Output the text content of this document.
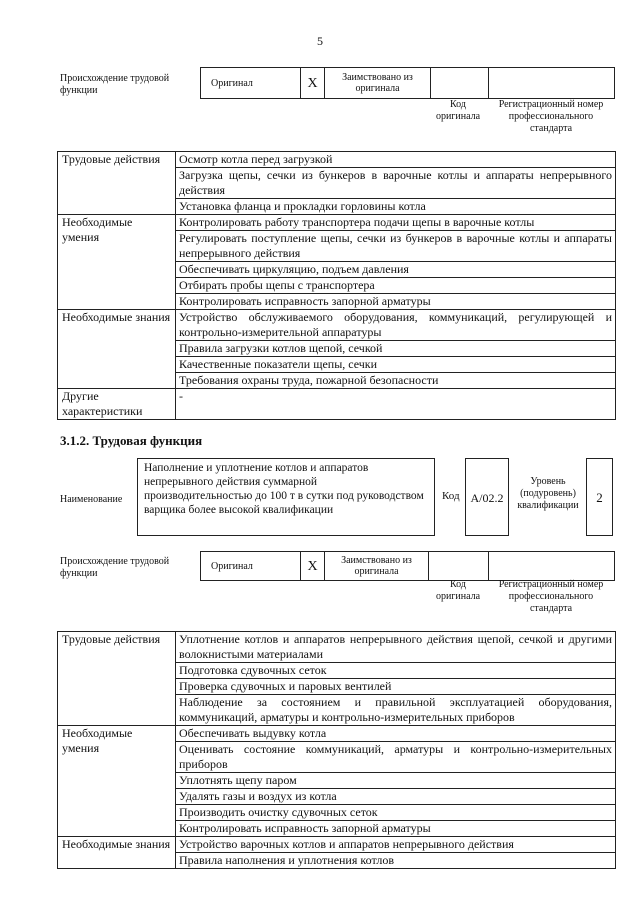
5
Происхождение трудовой функции
Оригинал	X	Заимствовано из оригинала		
Код оригинала
Регистрационный номер профессионального стандарта
Трудовые действия	Осмотр котла перед загрузкой
	Загрузка щепы, сечки из бункеров в варочные котлы и аппараты непрерывного действия
	Установка фланца и прокладки горловины котла
Необходимые умения	Контролировать работу транспортера подачи щепы в варочные котлы
	Регулировать поступление щепы, сечки из бункеров в варочные котлы и аппараты непрерывного действия
	Обеспечивать циркуляцию, подъем давления
	Отбирать пробы щепы с транспортера
	Контролировать исправность запорной арматуры
Необходимые знания	Устройство обслуживаемого оборудования, коммуникаций, регулирующей и контрольно-измерительной аппаратуры
	Правила загрузки котлов щепой, сечкой
	Качественные показатели щепы, сечки
	Требования охраны труда, пожарной безопасности
Другие характеристики	-
3.1.2. Трудовая функция
Наименование
Наполнение и уплотнение котлов и аппаратов непрерывного действия суммарной производительностью до 100 т в сутки под руководством варщика более высокой квалификации
Код A/02.2
Уровень (подуровень) квалификации
2
Происхождение трудовой функции
Оригинал	X	Заимствовано из оригинала		
Код оригинала
Регистрационный номер профессионального стандарта
Трудовые действия	Уплотнение котлов и аппаратов непрерывного действия щепой, сечкой и другими волокнистыми материалами
	Подготовка сдувочных сеток
	Проверка сдувочных и паровых вентилей
	Наблюдение за состоянием и правильной эксплуатацией оборудования, коммуникаций, арматуры и контрольно-измерительных приборов
Необходимые умения	Обеспечивать выдувку котла
	Оценивать состояние коммуникаций, арматуры и контрольно-измерительных приборов
	Уплотнять щепу паром
	Удалять газы и воздух из котла
	Производить очистку сдувочных сеток
	Контролировать исправность запорной арматуры
Необходимые знания	Устройство варочных котлов и аппаратов непрерывного действия
	Правила наполнения и уплотнения котлов
